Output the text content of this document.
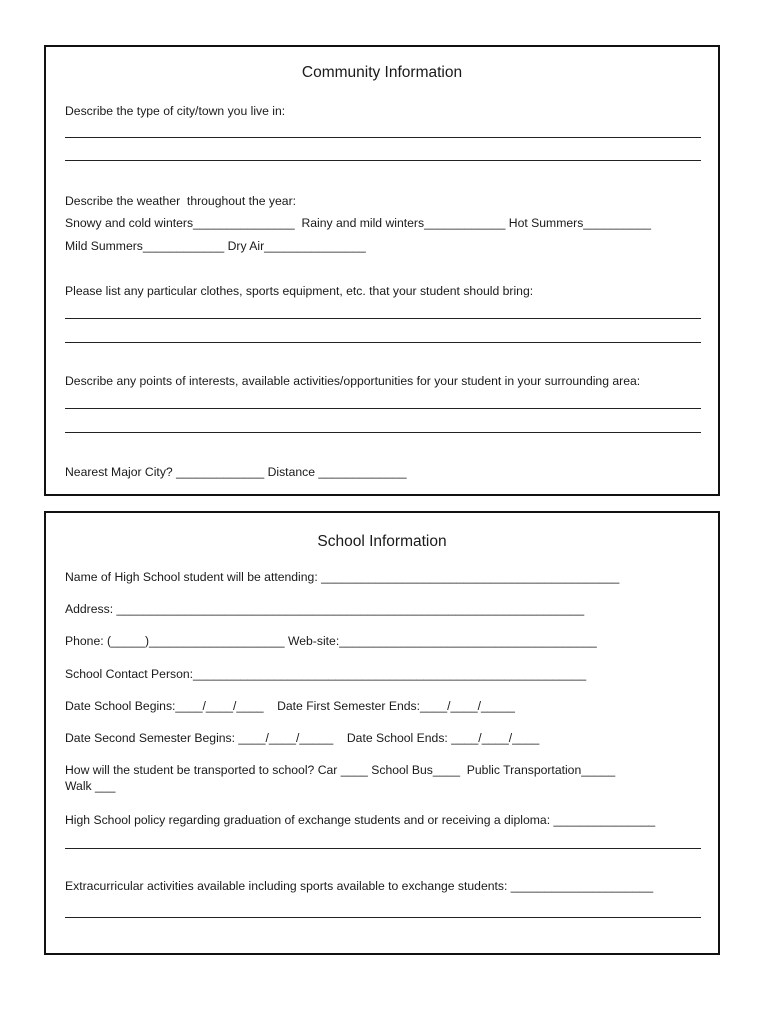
Community Information
Describe the type of city/town you live in:
Describe the weather  throughout the year:
Snowy and cold winters_______________  Rainy and mild winters____________ Hot Summers__________
Mild Summers____________ Dry Air_______________
Please list any particular clothes, sports equipment, etc. that your student should bring:
Describe any points of interests, available activities/opportunities for your student in your surrounding area:
Nearest Major City? _____________ Distance _____________
School Information
Name of High School student will be attending: ____________________________________________
Address: _____________________________________________________________________
Phone: (_____)____________________ Web-site:______________________________________
School Contact Person:__________________________________________________________
Date School Begins:____/____/____    Date First Semester Ends:____/____/_____
Date Second Semester Begins: ____/____/_____    Date School Ends: ____/____/____
How will the student be transported to school? Car ____ School Bus____  Public Transportation_____
Walk ___
High School policy regarding graduation of exchange students and or receiving a diploma: _______________
Extracurricular activities available including sports available to exchange students: _____________________
